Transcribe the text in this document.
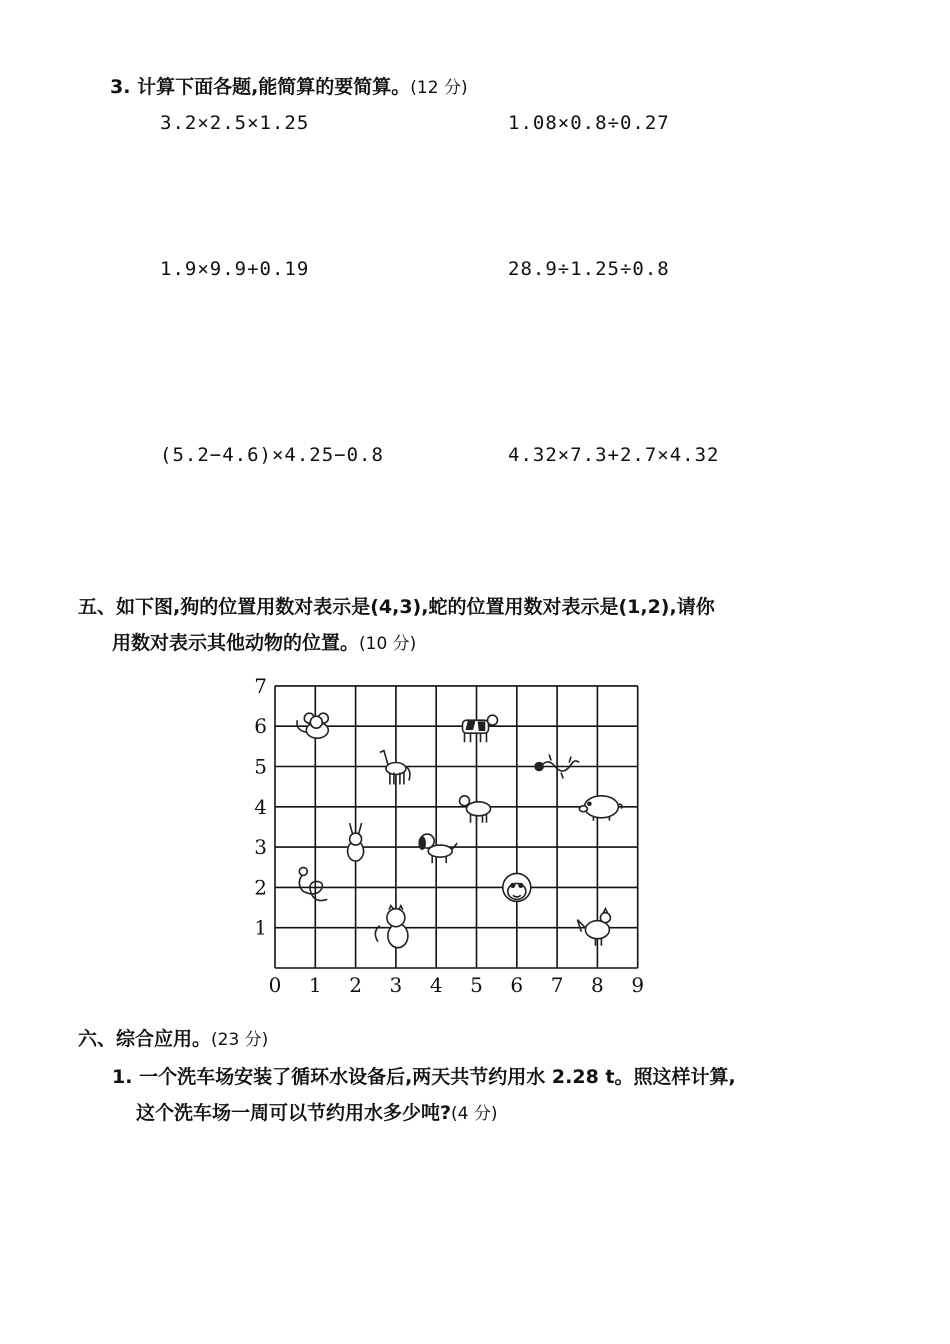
3. 计算下面各题,能简算的要简算。(12 分)
3.2×2.5×1.25	1.08×0.8÷0.27
1.9×9.9+0.19	28.9÷1.25÷0.8
(5.2−4.6)×4.25−0.8	4.32×7.3+2.7×4.32
五、如下图,狗的位置用数对表示是(4,3),蛇的位置用数对表示是(1,2),请你
用数对表示其他动物的位置。(10 分)
0 1 2 3 4 5 6 7 8 9
1
2
3
4
5
6
7
六、综合应用。(23 分)
1. 一个洗车场安装了循环水设备后,两天共节约用水 2.28 t。照这样计算,
这个洗车场一周可以节约用水多少吨?(4 分)
